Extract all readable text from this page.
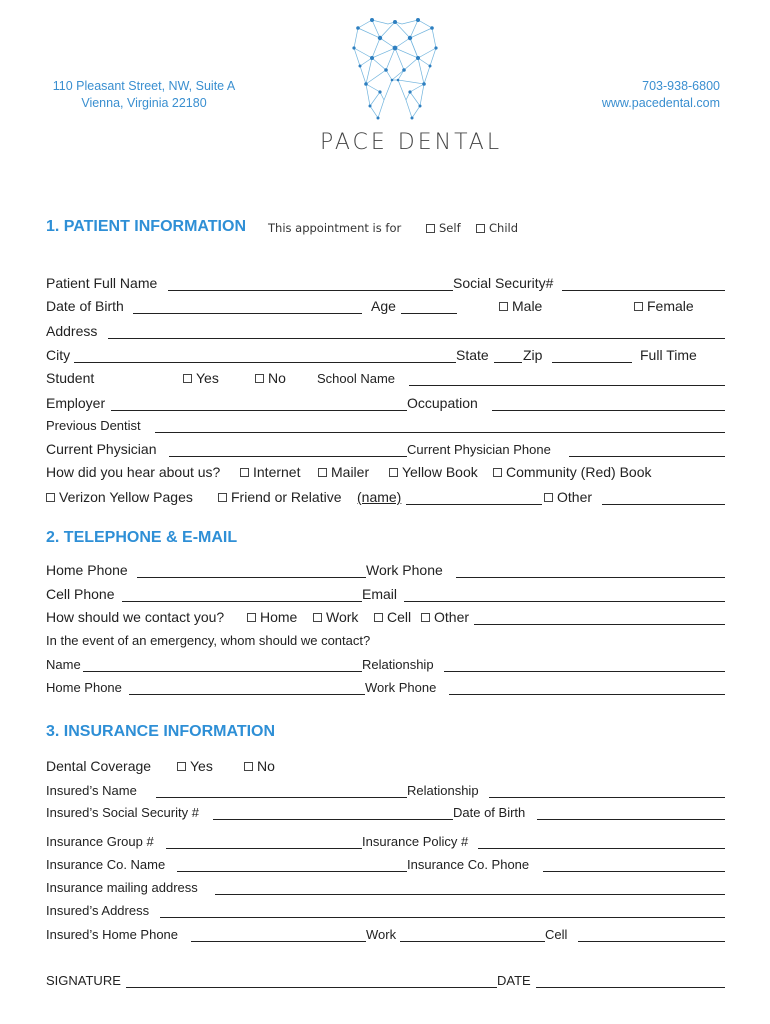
110 Pleasant Street, NW, Suite A
Vienna, Virginia 22180
703-938-6800
www.pacedental.com
PACE DENTAL
1. PATIENT INFORMATION This appointment is for	Self	Child
Patient Full Name	Social Security#
Date of Birth	Age	Male	Female
Address
City	State Zip	Full Time
Student	Yes	No School Name
Employer	Occupation
Previous Dentist
Current Physician	Current Physician Phone
How did you hear about us?	Internet	Mailer	Yellow Book	Community (Red) Book
Verizon Yellow Pages	Friend or Relative (name)	Other
2. TELEPHONE & E-MAIL
Home Phone	Work Phone
Cell Phone	Email
How should we contact you?	Home	Work	Cell	Other
In the event of an emergency, whom should we contact?
Name	Relationship
Home Phone	Work Phone
3. INSURANCE INFORMATION
Dental Coverage	Yes	No
Insured’s Name	Relationship
Insured’s Social Security #	Date of Birth
Insurance Group #	Insurance Policy #
Insurance Co. Name	Insurance Co. Phone
Insurance mailing address
Insured’s Address
Insured’s Home Phone	Work	Cell
SIGNATURE	DATE
